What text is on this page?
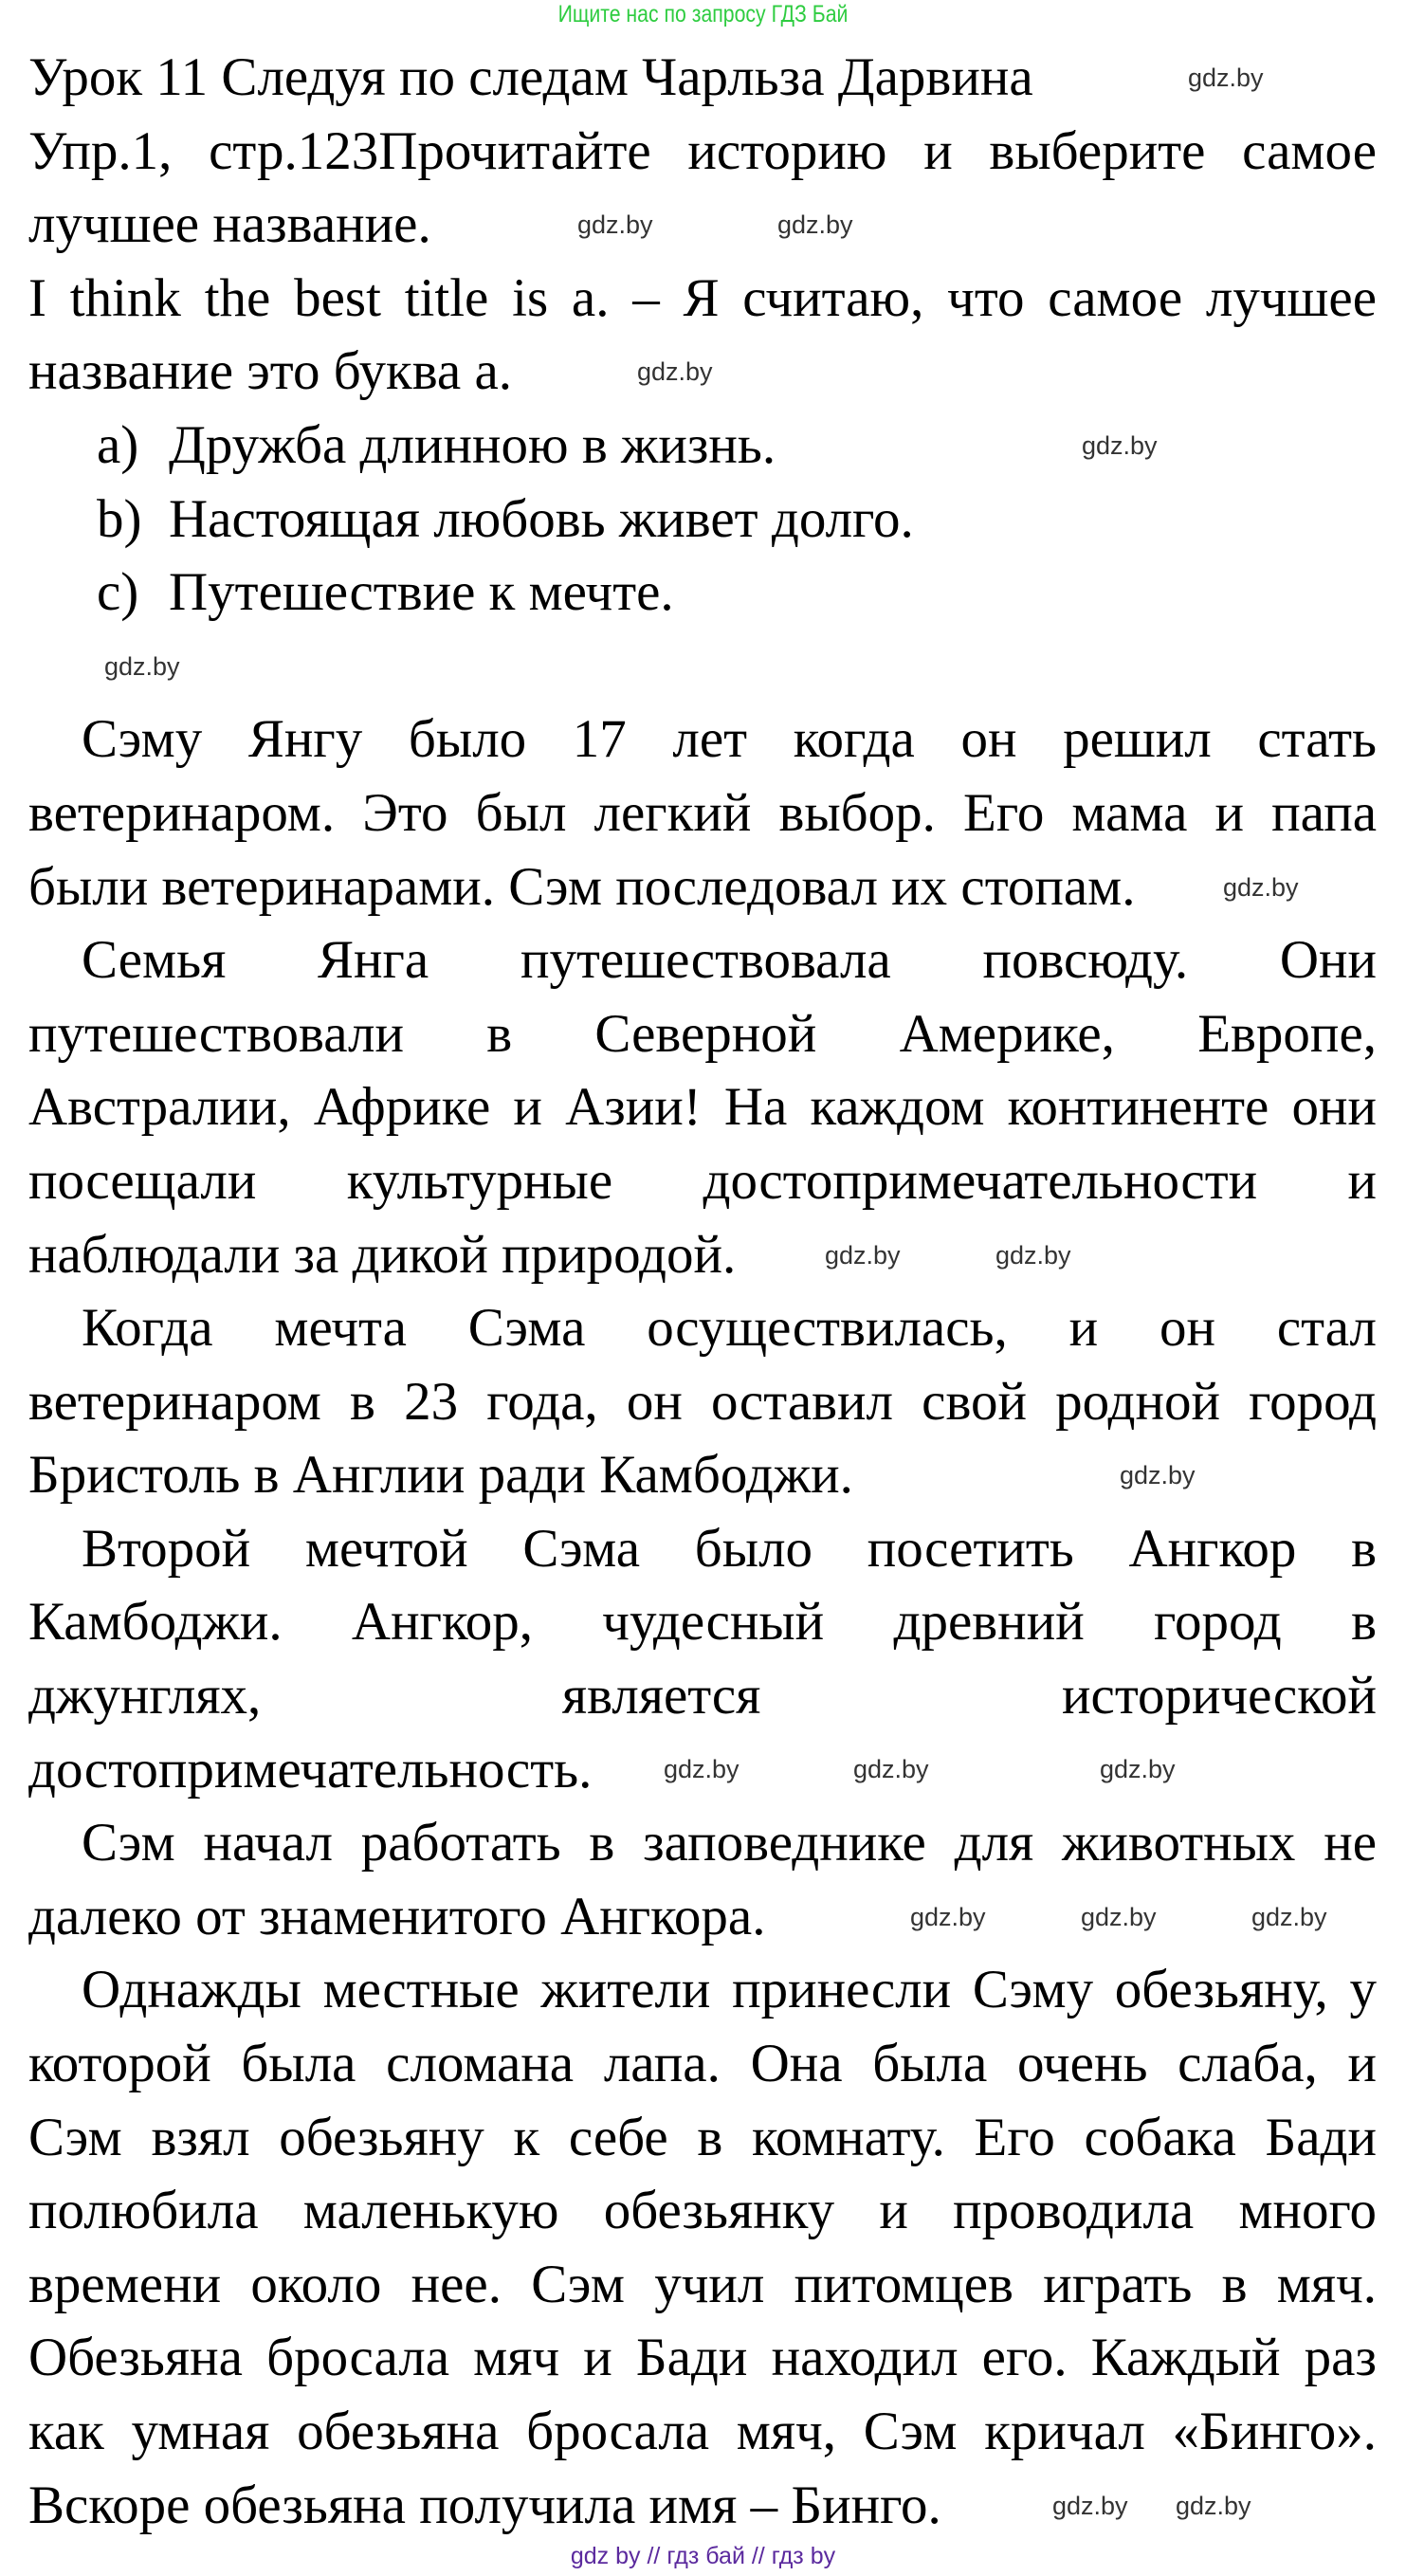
Ищите нас по запросу ГДЗ Бай
Урок 11 Следуя по следам Чарльза Дарвина
Упр.1, стр.123Прочитайте историю и выберите самое
лучшее название.
I think the best title is a. – Я считаю, что самое лучшее
название это буква а.
a) Дружба длинною в жизнь.
b) Настоящая любовь живет долго.
c) Путешествие к мечте.
Сэму Янгу было 17 лет когда он решил стать
ветеринаром. Это был легкий выбор. Его мама и папа
были ветеринарами. Сэм последовал их стопам.
Семья Янга путешествовала повсюду. Они
путешествовали в Северной Америке, Европе,
Австралии, Африке и Азии! На каждом континенте они
посещали культурные достопримечательности и
наблюдали за дикой природой.
Когда мечта Сэма осуществилась, и он стал
ветеринаром в 23 года, он оставил свой родной город
Бристоль в Англии ради Камбоджи.
Второй мечтой Сэма было посетить Ангкор в
Камбоджи. Ангкор, чудесный древний город в
джунглях, является исторической
достопримечательность.
Сэм начал работать в заповеднике для животных не
далеко от знаменитого Ангкора.
Однажды местные жители принесли Сэму обезьяну, у
которой была сломана лапа. Она была очень слаба, и
Сэм взял обезьяну к себе в комнату. Его собака Бади
полюбила маленькую обезьянку и проводила много
времени около нее. Сэм учил питомцев играть в мяч.
Обезьяна бросала мяч и Бади находил его. Каждый раз
как умная обезьяна бросала мяч, Сэм кричал «Бинго».
Вскоре обезьяна получила имя – Бинго.
gdz.by
gdz.by	gdz.by
gdz.by
gdz.by
gdz.by
gdz.by
gdz.by	gdz.by
gdz.by
gdz.by	gdz.by	gdz.by
gdz.by	gdz.by	gdz.by
gdz.by gdz.by
gdz by // гдз бай // гдз by
